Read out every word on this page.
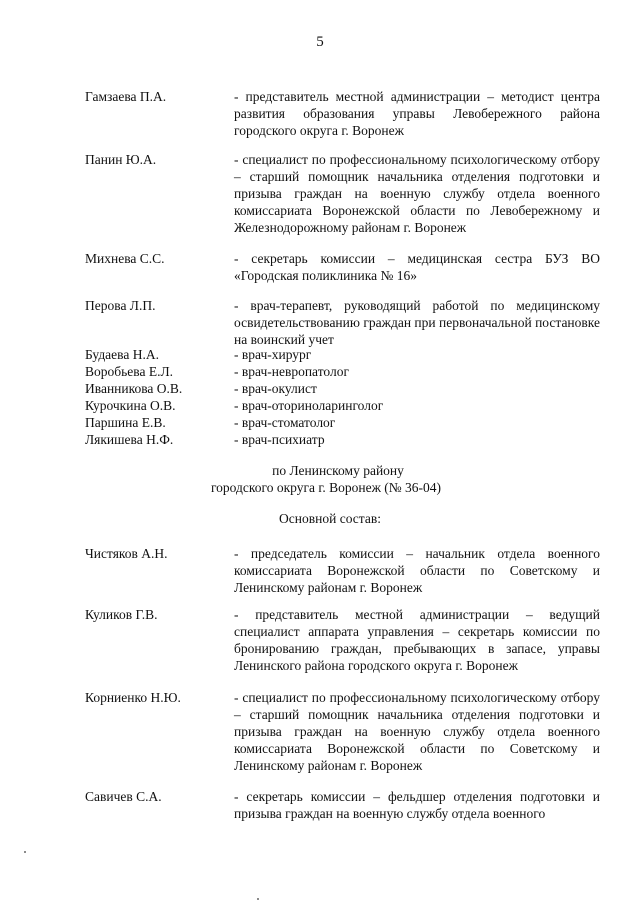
5
Гамзаева П.А.	- представитель местной администрации – методист центра развития образования управы Левобережного района городского округа г. Воронеж
Панин Ю.А.	- специалист по профессиональному психологическому отбору – старший помощник начальника отделения подготовки и призыва граждан на военную службу отдела военного комиссариата Воронежской области по Левобережному и Железнодорожному районам г. Воронеж
Михнева С.С.	- секретарь комиссии – медицинская сестра БУЗ ВО «Городская поликлиника № 16»
Перова Л.П.	- врач-терапевт, руководящий работой по медицинскому освидетельствованию граждан при первоначальной постановке на воинский учет
Будаева Н.А.	- врач-хирург
Воробьева Е.Л.	- врач-невропатолог
Иванникова О.В.	- врач-окулист
Курочкина О.В.	- врач-оториноларинголог
Паршина Е.В.	- врач-стоматолог
Лякишева Н.Ф.	- врач-психиатр
по Ленинскому району
городского округа г. Воронеж (№ 36-04)
Основной состав:
Чистяков А.Н.	- председатель комиссии – начальник отдела военного комиссариата Воронежской области по Советскому и Ленинскому районам г. Воронеж
Куликов Г.В.	- представитель местной администрации – ведущий специалист аппарата управления – секретарь комиссии по бронированию граждан, пребывающих в запасе, управы Ленинского района городского округа г. Воронеж
Корниенко Н.Ю.	- специалист по профессиональному психологическому отбору – старший помощник начальника отделения подготовки и призыва граждан на военную службу отдела военного комиссариата Воронежской области по Советскому и Ленинскому районам г. Воронеж
Савичев С.А.	- секретарь комиссии – фельдшер отделения подготовки и призыва граждан на военную службу отдела военного
